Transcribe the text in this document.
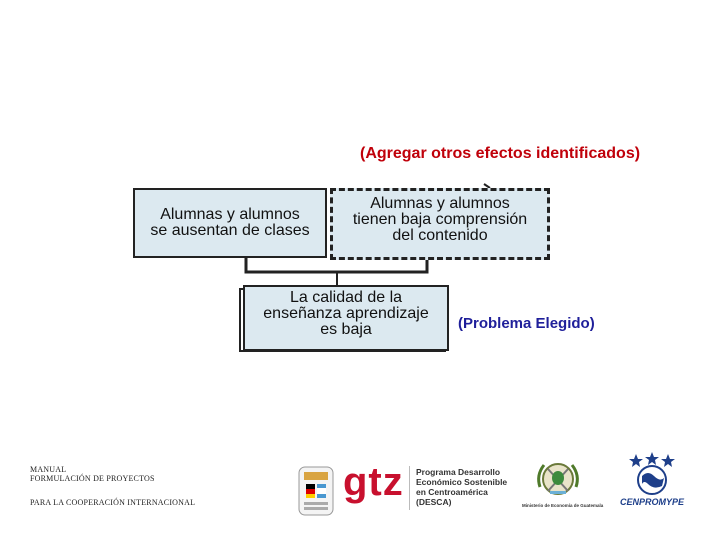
(Agregar otros efectos identificados)
Alumnas y alumnos
se ausentan de clases
Alumnas y alumnos
tienen baja comprensión
del contenido
La calidad de la
enseñanza aprendizaje
es baja	(Problema Elegido)
MANUAL
FORMULACIÓN DE PROYECTOS
PARA LA COOPERACIÓN INTERNACIONAL	gtz Programa Desarrollo
Económico Sostenible
en Centroamérica
(DESCA)	Ministerio de Economía de Guatemala CENPROMYPE
